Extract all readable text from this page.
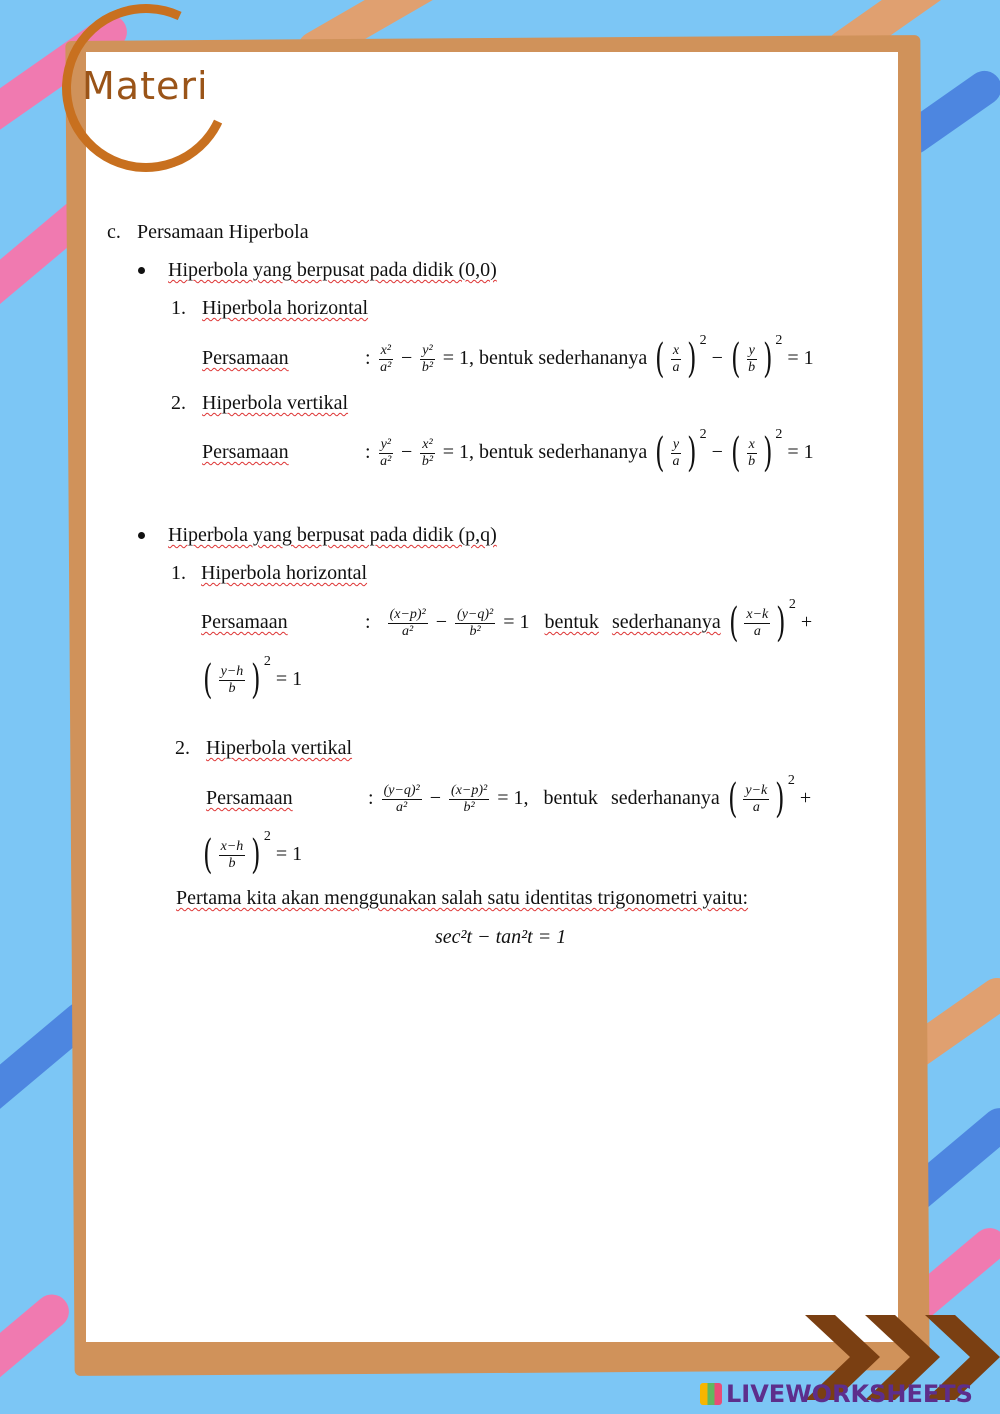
Materi
c. Persamaan Hiperbola
Hiperbola yang berpusat pada didik (0,0)
1. Hiperbola horizontal
Persamaan	: $\frac{\text{x²}}{\text{a²}} - \frac{\text{y²}}{\text{b²}} = 1$, bentuk sederhananya ( $\frac{x}{a}$ ) $^2$ − ( $\frac{y}{b}$ ) $^2$ = 1
2. Hiperbola vertikal
Persamaan	: $\frac{\text{y²}}{\text{a²}} - \frac{\text{x²}}{\text{b²}} = 1$, bentuk sederhananya ( $\frac{y}{a}$ ) $^2$ − ( $\frac{x}{b}$ ) $^2$ = 1
Hiperbola yang berpusat pada didik (p,q)
1. Hiperbola horizontal
Persamaan	: $\frac{\text{(x−p)²}}{\text{a²}} - \frac{\text{(y−q)²}}{\text{b²}} = 1$ bentuk sederhananya ( $\frac{x-k}{a}$ ) $^2$ +
( $\frac{y-h}{b}$ ) $^2$ = 1
2. Hiperbola vertikal
Persamaan	: $\frac{\text{(y−q)²}}{\text{a²}} - \frac{\text{(x−p)²}}{\text{b²}} = 1$, bentuk sederhananya ( $\frac{y-k}{a}$ ) $^2$ +
( $\frac{x-h}{b}$ ) $^2$ = 1
Pertama kita akan menggunakan salah satu identitas trigonometri yaitu:
sec²t − tan²t = 1
LIVEWORKSHEETS
